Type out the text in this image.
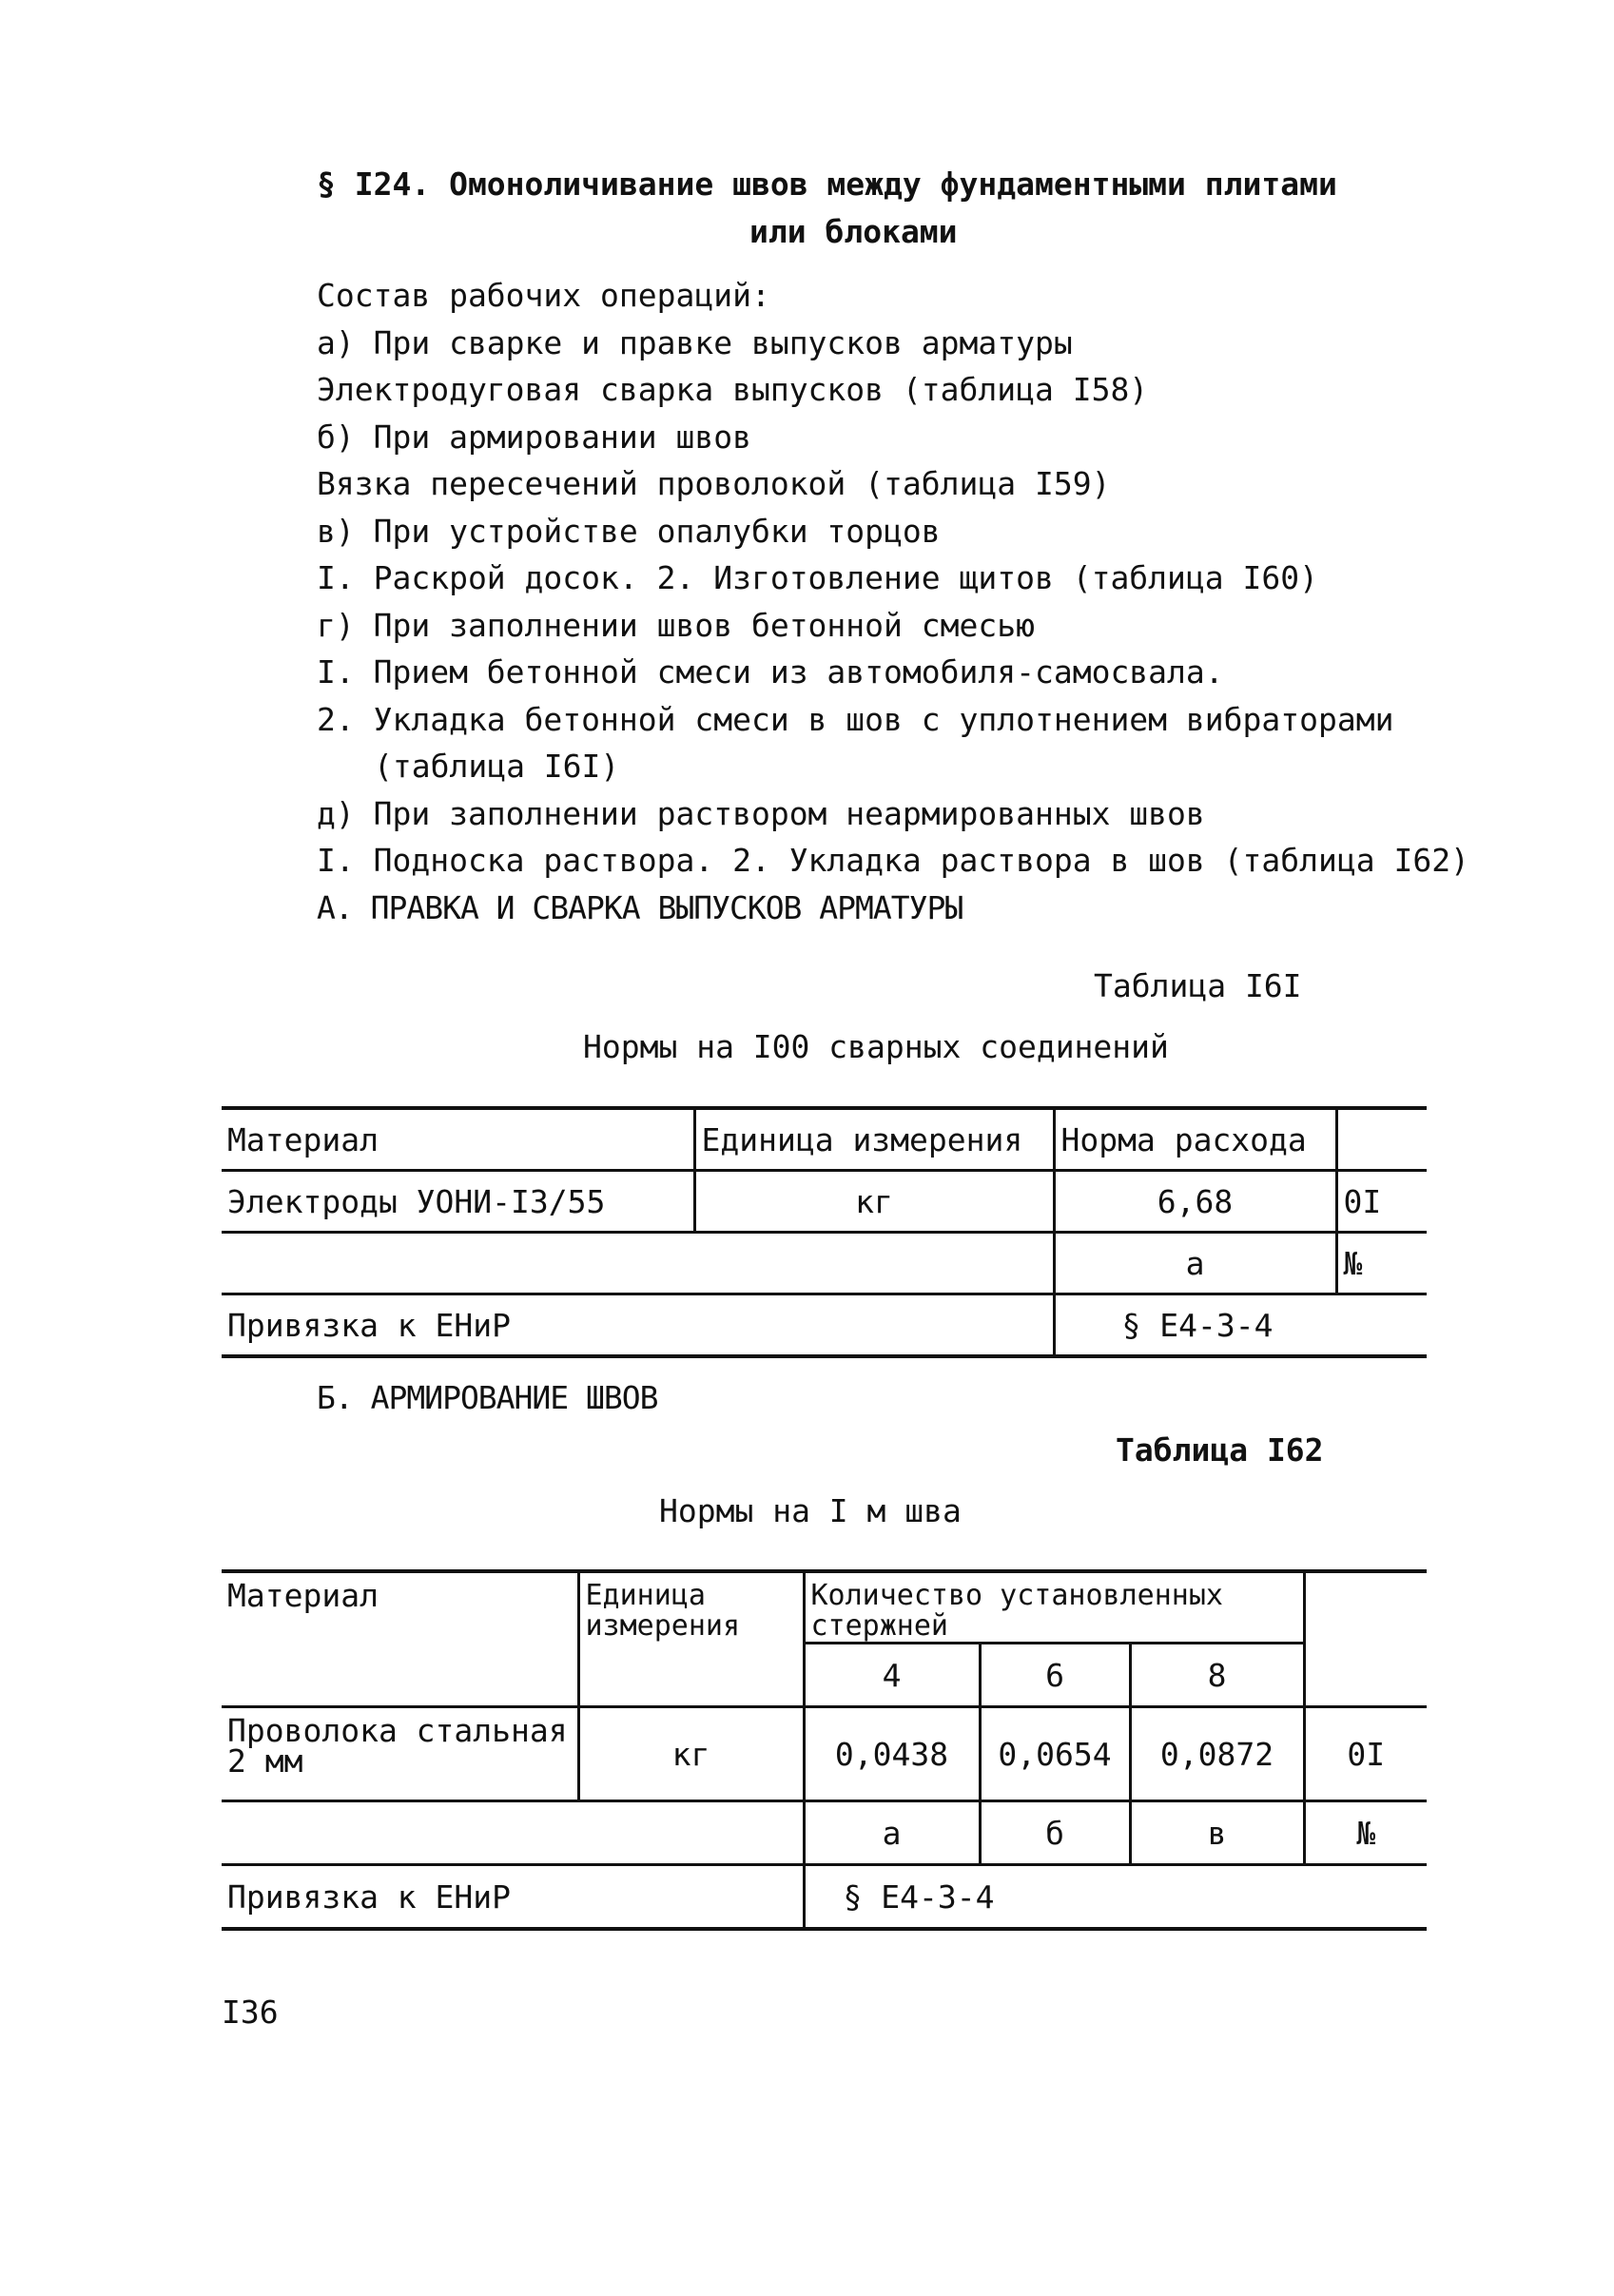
§ I24. Омоноличивание швов между фундаментными плитами
или блоками
Состав рабочих операций:
а) При сварке и правке выпусков арматуры
Электродуговая сварка выпусков (таблица I58)
б) При армировании швов
Вязка пересечений проволокой (таблица I59)
в) При устройстве опалубки торцов
I. Раскрой досок. 2. Изготовление щитов (таблица I60)
г) При заполнении швов бетонной смесью
I. Прием бетонной смеси из автомобиля-самосвала.
2. Укладка бетонной смеси в шов с уплотнением вибраторами
(таблица I6I)
д) При заполнении раствором неармированных швов
I. Подноска раствора. 2. Укладка раствора в шов (таблица I62)
А. ПРАВКА И СВАРКА ВЫПУСКОВ АРМАТУРЫ
Таблица I6I
Нормы на I00 сварных соединений
Материал	Единица измерения	Норма расхода	
Электроды УОНИ-I3/55	кг	6,68	0I
		а	№
Привязка к ЕНиР		§ Е4-3-4	
Б. АРМИРОВАНИЕ ШВОВ
Таблица I62
Нормы на I м шва
Материал	Единица измерения	Количество установленных стержней			
		4	6	8	
Проволока стальная 2 мм	кг	0,0438	0,0654	0,0872	0I
		а	б	в	№
Привязка к ЕНиР		§ Е4-3-4			
I36
